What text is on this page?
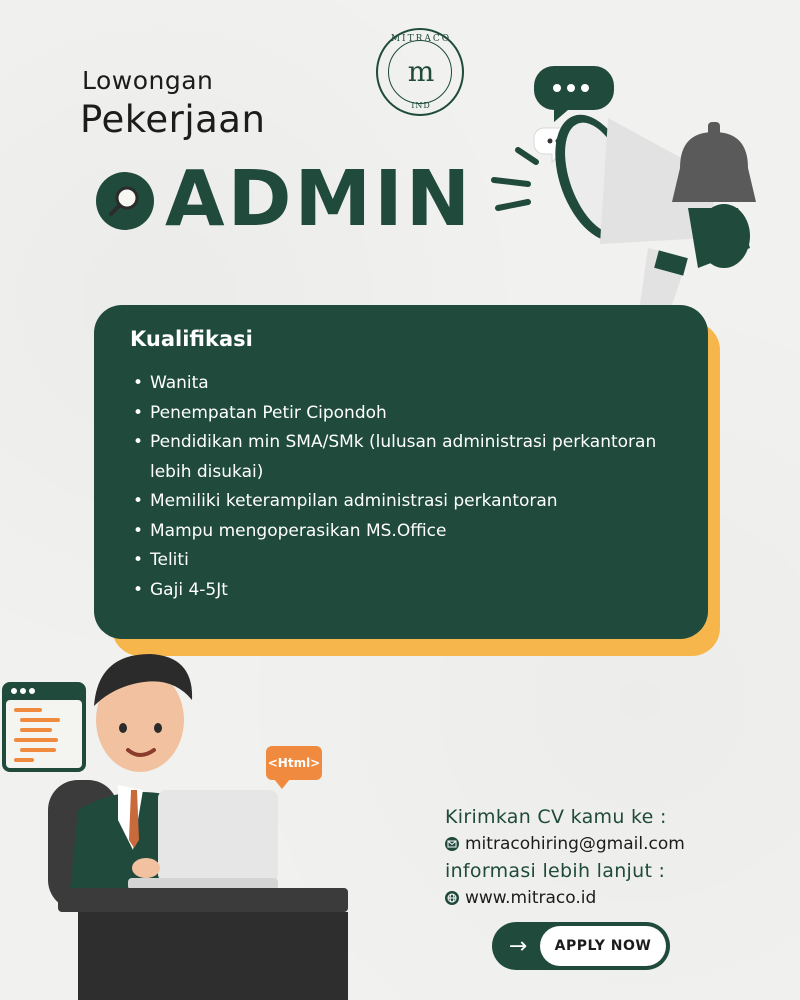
MITRACO
m
IND
Lowongan
Pekerjaan
ADMIN
Kualifikasi
• Wanita
• Penempatan Petir Cipondoh
• Pendidikan min SMA/SMk (lulusan administrasi perkantoran lebih disukai)
• Memiliki keterampilan administrasi perkantoran
• Mampu mengoperasikan MS.Office
• Teliti
• Gaji 4-5Jt
<Html>
Kirimkan CV kamu ke :
mitracohiring@gmail.com
informasi lebih lanjut :
www.mitraco.id
→	APPLY NOW
